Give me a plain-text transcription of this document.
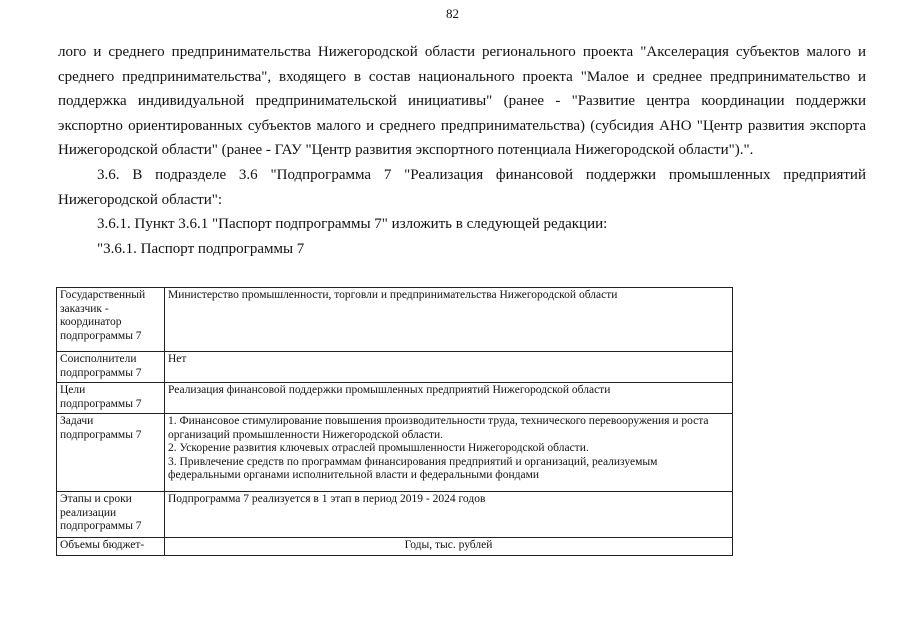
82

лого и среднего предпринимательства Нижегородской области регионального проекта "Акселерация субъектов малого и среднего предпринимательства", входящего в состав национального проекта "Малое и среднее предпринимательство и поддержка индивидуальной предпринимательской инициативы" (ранее - "Развитие центра координации поддержки экспортно ориентированных субъектов малого и среднего предпринимательства) (субсидия АНО "Центр развития экспорта Нижегородской области" (ранее - ГАУ "Центр развития экспортного потенциала Нижегородской области").".

3.6. В подразделе 3.6 "Подпрограмма 7 "Реализация финансовой поддержки промышленных предприятий Нижегородской области":

3.6.1. Пункт 3.6.1 "Паспорт подпрограммы 7" изложить в следующей редакции:

"3.6.1. Паспорт подпрограммы 7

Государственный заказчик - координатор подпрограммы 7	Министерство промышленности, торговли и предпринимательства Нижегородской области
Соисполнители подпрограммы 7	Нет
Цели подпрограммы 7	Реализация финансовой поддержки промышленных предприятий Нижегородской области
Задачи подпрограммы 7	1. Финансовое стимулирование повышения производительности труда, технического перевооружения и роста организаций промышленности Нижегородской области.
2. Ускорение развития ключевых отраслей промышленности Нижегородской области.
3. Привлечение средств по программам финансирования предприятий и организаций, реализуемым федеральными органами исполнительной власти и федеральными фондами

Этапы и сроки реализации подпрограммы 7	Подпрограмма 7 реализуется в 1 этап в период 2019 - 2024 годов
Объемы бюджет-	Годы, тыс. рублей
